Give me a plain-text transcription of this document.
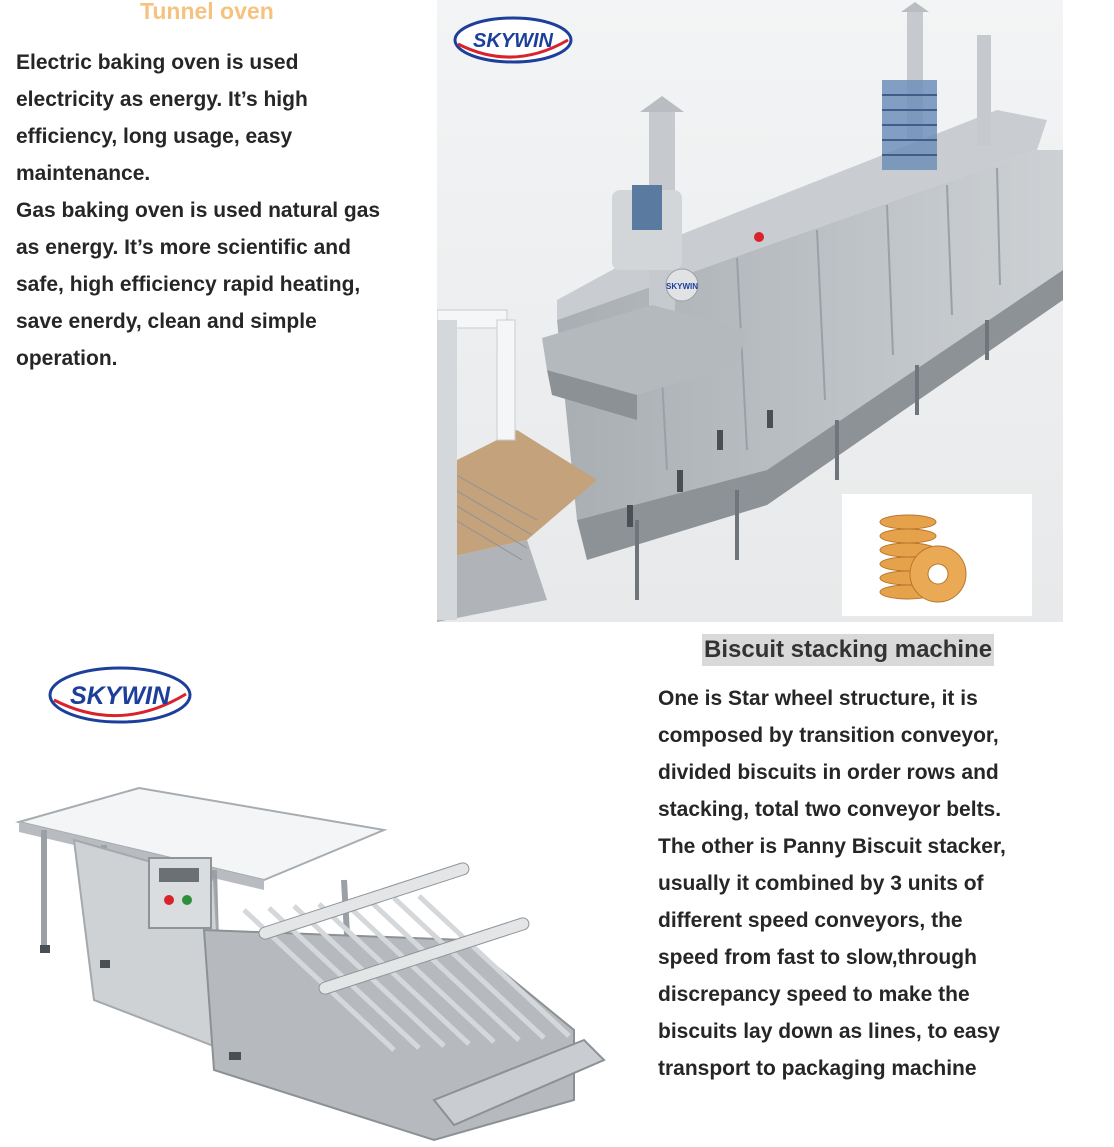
Tunnel oven

Electric baking oven is used

electricity as energy. It’s high

efficiency, long usage, easy

maintenance.

Gas baking oven is used natural gas

as energy. It’s more scientific and

safe, high efficiency rapid heating,

save enerdy, clean and simple

operation.

SKYWIN
SKYWIN
SKYWIN
Biscuit stacking machine

One is Star wheel structure, it is

composed by transition conveyor,

divided biscuits in order rows and

stacking, total two conveyor belts.

The other is Panny Biscuit stacker,

usually it combined by 3 units of

different speed conveyors, the

speed from fast to slow,through

discrepancy speed to make the

biscuits lay down as lines, to easy

transport to packaging machine
